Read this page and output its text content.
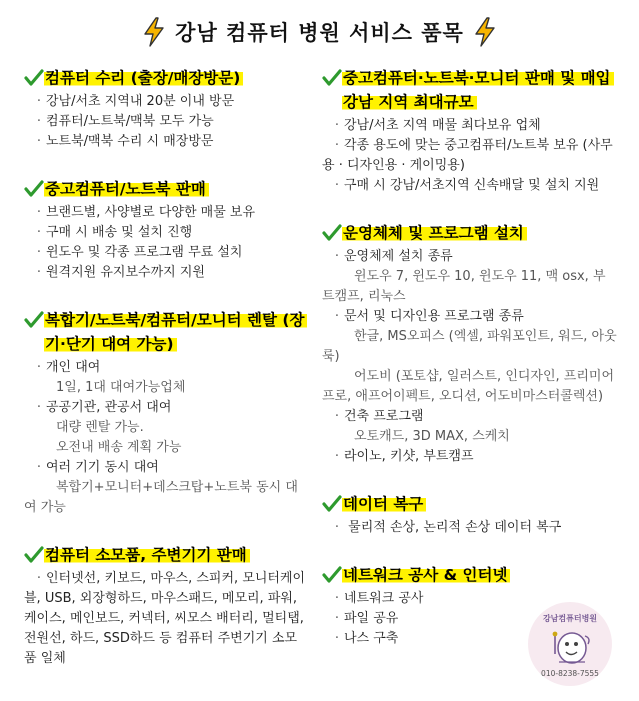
강남 컴퓨터 병원 서비스 품목
컴퓨터 수리 (출장/매장방문)
· 강남/서초 지역내 20분 이내 방문
· 컴퓨터/노트북/맥북 모두 가능
· 노트북/맥북 수리 시 매장방문
중고컴퓨터/노트북 판매
· 브랜드별, 사양별로 다양한 매물 보유
· 구매 시 배송 및 설치 진행
· 윈도우 및 각종 프로그램 무료 설치
· 원격지원 유지보수까지 지원
복합기/노트북/컴퓨터/모니터 렌탈 (장기·단기 대여 가능)
· 개인 대여
1일, 1대 대여가능업체
· 공공기관, 관공서 대여
대량 렌탈 가능.
오전내 배송 계획 가능
· 여러 기기 동시 대여
복합기+모니터+데스크탑+노트북 동시 대여 가능
컴퓨터 소모품, 주변기기 판매
· 인터넷선, 키보드, 마우스, 스피커, 모니터케이블, USB, 외장형하드, 마우스패드, 메모리, 파워, 케이스, 메인보드, 커넥터, 씨모스 배터리, 멀티탭, 전원선, 하드, SSD하드 등 컴퓨터 주변기기 소모품 일체
중고컴퓨터·노트북·모니터 판매 및 매입 강남 지역 최대규모
· 강남/서초 지역 매물 최다보유 업체
· 각종 용도에 맞는 중고컴퓨터/노트북 보유 (사무용 · 디자인용 · 게이밍용)
· 구매 시 강남/서초지역 신속배달 및 설치 지원
운영체체 및 프로그램 설치
· 운영체제 설치 종류
윈도우 7, 윈도우 10, 윈도우 11, 맥 osx, 부트캠프, 리눅스
· 문서 및 디자인용 프로그램 종류
한글, MS오피스 (엑셀, 파워포인트, 워드, 아웃룩)
어도비 (포토샵, 일러스트, 인디자인, 프리미어프로, 애프어이펙트, 오디션, 어도비마스터콜렉션)
· 건축 프로그램
오토캐드, 3D MAX, 스케치
· 라이노, 키샷, 부트캠프
데이터 복구
· 물리적 손상, 논리적 손상 데이터 복구
네트워크 공사 & 인터넷
· 네트워크 공사
· 파일 공유
· 나스 구축
강남컴퓨터병원
010-8238-7555
